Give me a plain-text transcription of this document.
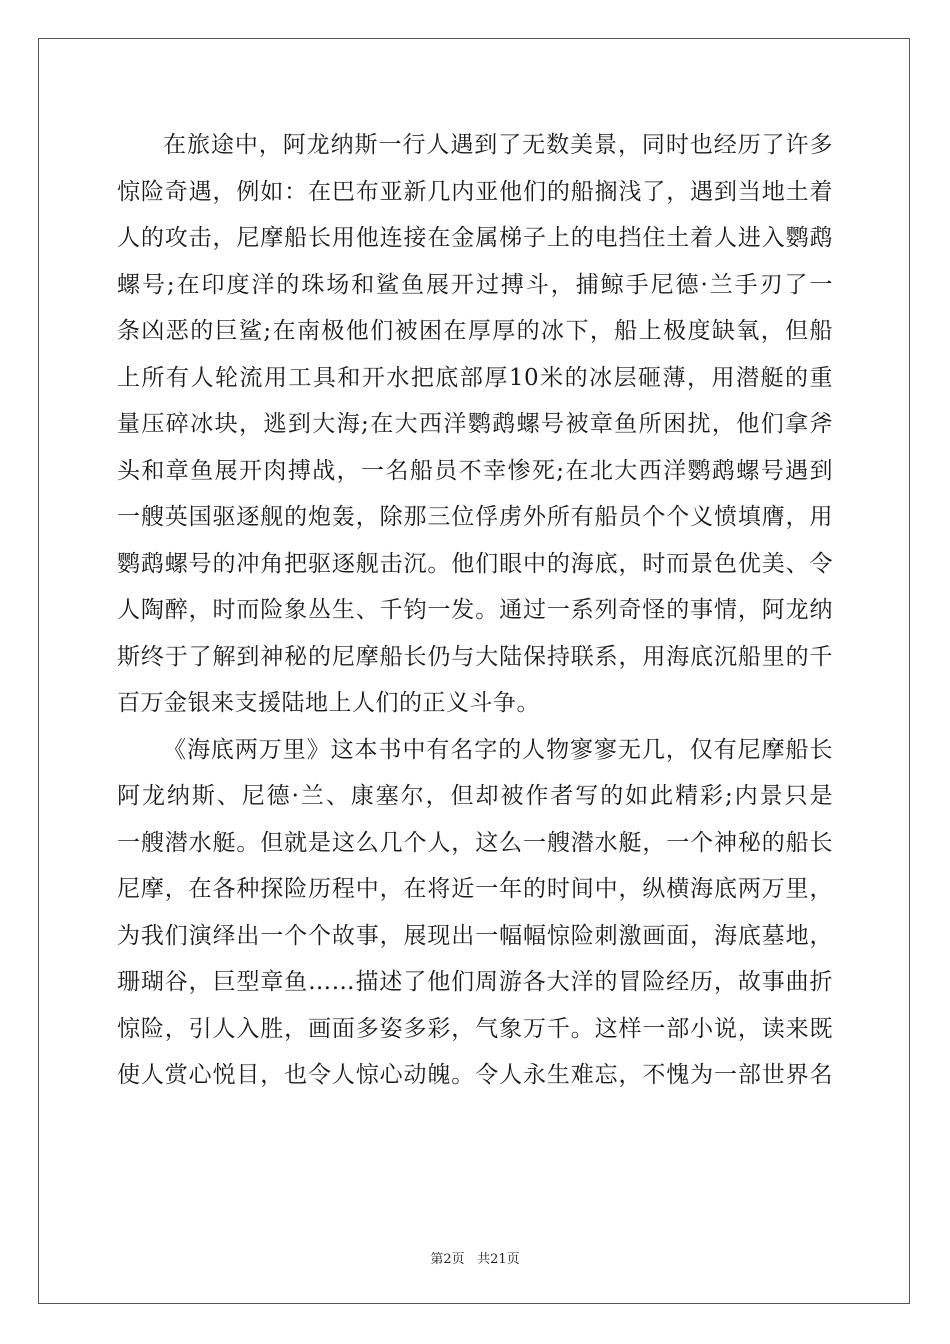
在旅途中，阿龙纳斯一行人遇到了无数美景，同时也经历了许多
惊险奇遇，例如：在巴布亚新几内亚他们的船搁浅了，遇到当地土着
人的攻击，尼摩船长用他连接在金属梯子上的电挡住土着人进入鹦鹉
螺号;在印度洋的珠场和鲨鱼展开过搏斗，捕鲸手尼德·兰手刃了一
条凶恶的巨鲨;在南极他们被困在厚厚的冰下，船上极度缺氧，但船
上所有人轮流用工具和开水把底部厚10米的冰层砸薄，用潜艇的重
量压碎冰块，逃到大海;在大西洋鹦鹉螺号被章鱼所困扰，他们拿斧
头和章鱼展开肉搏战，一名船员不幸惨死;在北大西洋鹦鹉螺号遇到
一艘英国驱逐舰的炮轰，除那三位俘虏外所有船员个个义愤填膺，用
鹦鹉螺号的冲角把驱逐舰击沉。他们眼中的海底，时而景色优美、令
人陶醉，时而险象丛生、千钧一发。通过一系列奇怪的事情，阿龙纳
斯终于了解到神秘的尼摩船长仍与大陆保持联系，用海底沉船里的千
百万金银来支援陆地上人们的正义斗争。

《海底两万里》这本书中有名字的人物寥寥无几，仅有尼摩船长
阿龙纳斯、尼德·兰、康塞尔，但却被作者写的如此精彩;内景只是
一艘潜水艇。但就是这么几个人，这么一艘潜水艇，一个神秘的船长
尼摩，在各种探险历程中，在将近一年的时间中，纵横海底两万里，
为我们演绎出一个个故事，展现出一幅幅惊险刺激画面，海底墓地，
珊瑚谷，巨型章鱼……描述了他们周游各大洋的冒险经历，故事曲折
惊险，引人入胜，画面多姿多彩，气象万千。这样一部小说，读来既
使人赏心悦目，也令人惊心动魄。令人永生难忘，不愧为一部世界名

第2页 共21页
